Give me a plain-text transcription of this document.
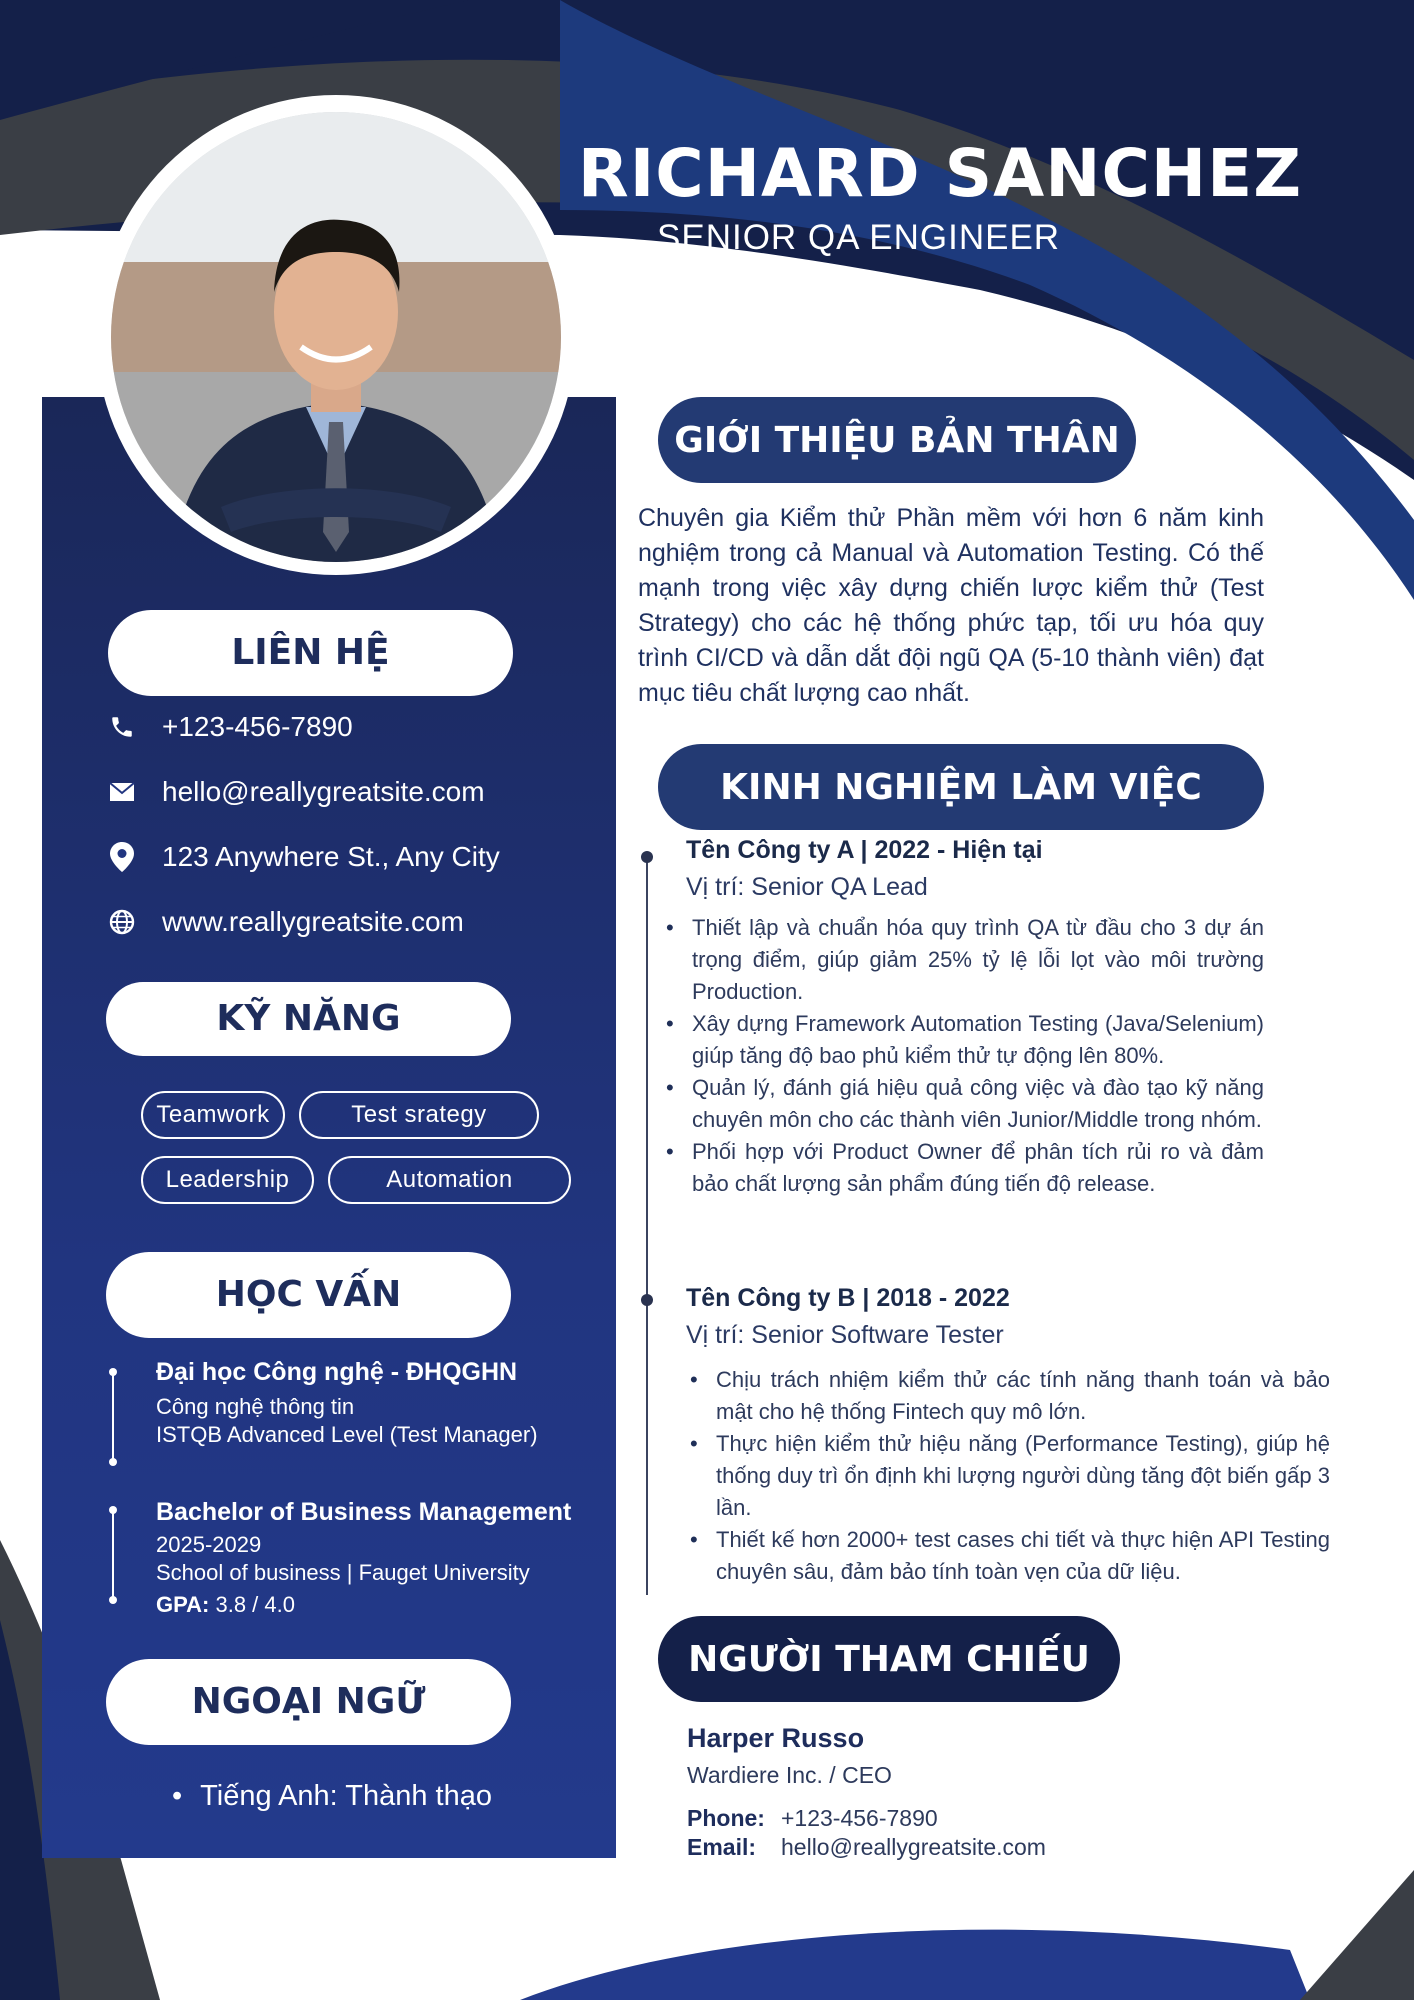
RICHARD SANCHEZ
SENIOR QA ENGINEER
LIÊN HỆ
+123-456-7890
hello@reallygreatsite.com
123 Anywhere St., Any City
www.reallygreatsite.com
KỸ NĂNG
Teamwork	Test srategy
Leadership	Automation
HỌC VẤN
Đại học Công nghệ - ĐHQGHN
Công nghệ thông tin
ISTQB Advanced Level (Test Manager)
Bachelor of Business Management
2025-2029
School of business | Fauget University
GPA: 3.8 / 4.0
NGOẠI NGỮ
• Tiếng Anh: Thành thạo
GIỚI THIỆU BẢN THÂN
Chuyên gia Kiểm thử Phần mềm với hơn 6 năm kinh nghiệm trong cả Manual và Automation Testing. Có thế mạnh trong việc xây dựng chiến lược kiểm thử (Test Strategy) cho các hệ thống phức tạp, tối ưu hóa quy trình CI/CD và dẫn dắt đội ngũ QA (5-10 thành viên) đạt mục tiêu chất lượng cao nhất.
KINH NGHIỆM LÀM VIỆC
Tên Công ty A | 2022 - Hiện tại
Vị trí: Senior QA Lead
• Thiết lập và chuẩn hóa quy trình QA từ đầu cho 3 dự án trọng điểm, giúp giảm 25% tỷ lệ lỗi lọt vào môi trường Production.
• Xây dựng Framework Automation Testing (Java/Selenium) giúp tăng độ bao phủ kiểm thử tự động lên 80%.
• Quản lý, đánh giá hiệu quả công việc và đào tạo kỹ năng chuyên môn cho các thành viên Junior/Middle trong nhóm.
• Phối hợp với Product Owner để phân tích rủi ro và đảm bảo chất lượng sản phẩm đúng tiến độ release.
Tên Công ty B | 2018 - 2022
Vị trí: Senior Software Tester
• Chịu trách nhiệm kiểm thử các tính năng thanh toán và bảo mật cho hệ thống Fintech quy mô lớn.
• Thực hiện kiểm thử hiệu năng (Performance Testing), giúp hệ thống duy trì ổn định khi lượng người dùng tăng đột biến gấp 3 lần.
• Thiết kế hơn 2000+ test cases chi tiết và thực hiện API Testing chuyên sâu, đảm bảo tính toàn vẹn của dữ liệu.
NGƯỜI THAM CHIẾU
Harper Russo
Wardiere Inc. / CEO
Phone: +123-456-7890
Email:	hello@reallygreatsite.com
